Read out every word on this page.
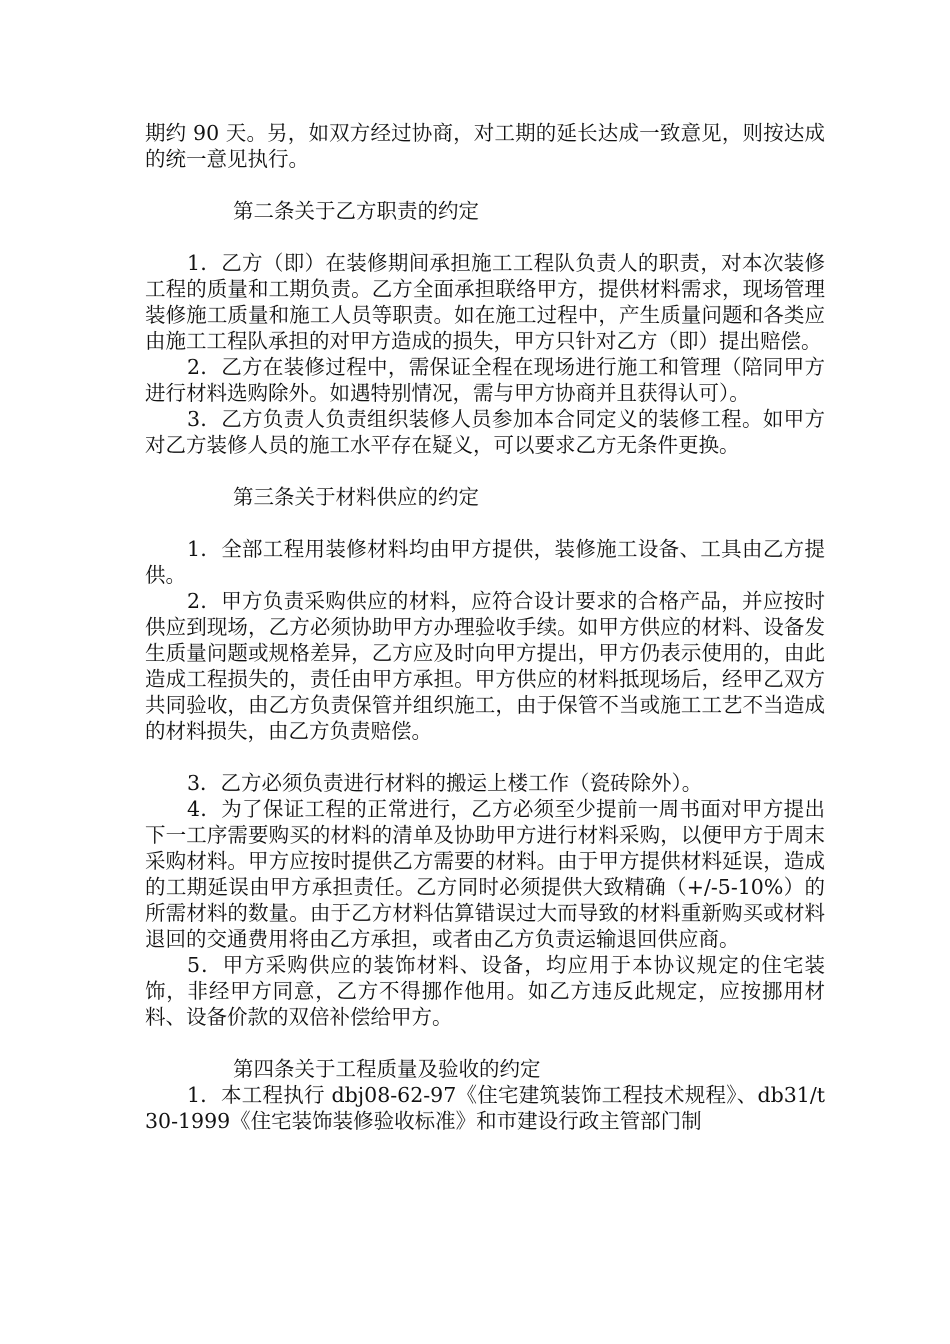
期约 90 天。另，如双方经过协商，对工期的延长达成一致意见，则按达成的统一意见执行。

第二条关于乙方职责的约定

1．乙方（即）在装修期间承担施工工程队负责人的职责，对本次装修工程的质量和工期负责。乙方全面承担联络甲方，提供材料需求，现场管理装修施工质量和施工人员等职责。如在施工过程中，产生质量问题和各类应由施工工程队承担的对甲方造成的损失，甲方只针对乙方（即）提出赔偿。

2．乙方在装修过程中，需保证全程在现场进行施工和管理（陪同甲方进行材料选购除外。如遇特别情况，需与甲方协商并且获得认可）。

3．乙方负责人负责组织装修人员参加本合同定义的装修工程。如甲方对乙方装修人员的施工水平存在疑义，可以要求乙方无条件更换。

第三条关于材料供应的约定

1．全部工程用装修材料均由甲方提供，装修施工设备、工具由乙方提供。

2．甲方负责采购供应的材料，应符合设计要求的合格产品，并应按时供应到现场，乙方必须协助甲方办理验收手续。如甲方供应的材料、设备发生质量问题或规格差异，乙方应及时向甲方提出，甲方仍表示使用的，由此造成工程损失的，责任由甲方承担。甲方供应的材料抵现场后，经甲乙双方共同验收，由乙方负责保管并组织施工，由于保管不当或施工工艺不当造成的材料损失，由乙方负责赔偿。

3．乙方必须负责进行材料的搬运上楼工作（瓷砖除外）。

4．为了保证工程的正常进行，乙方必须至少提前一周书面对甲方提出下一工序需要购买的材料的清单及协助甲方进行材料采购，以便甲方于周末采购材料。甲方应按时提供乙方需要的材料。由于甲方提供材料延误，造成的工期延误由甲方承担责任。乙方同时必须提供大致精确（+/-5-10%）的所需材料的数量。由于乙方材料估算错误过大而导致的材料重新购买或材料退回的交通费用将由乙方承担，或者由乙方负责运输退回供应商。

5．甲方采购供应的装饰材料、设备，均应用于本协议规定的住宅装饰，非经甲方同意，乙方不得挪作他用。如乙方违反此规定，应按挪用材料、设备价款的双倍补偿给甲方。

第四条关于工程质量及验收的约定

1．本工程执行 dbj08-62-97《住宅建筑装饰工程技术规程》、db31/t30-1999《住宅装饰装修验收标准》和市建设行政主管部门制
